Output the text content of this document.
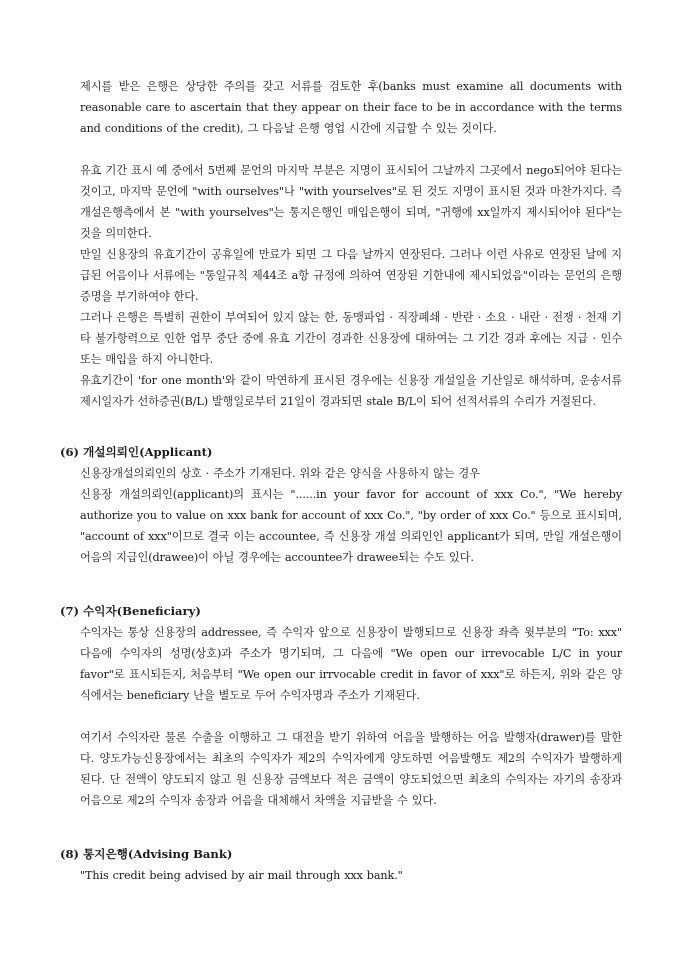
제시를 받은 은행은 상당한 주의를 갖고 서류를 검토한 후(banks must examine all documents with reasonable care to ascertain that they appear on their face to be in accordance with the terms and conditions of the credit), 그 다음날 은행 영업 시간에 지급할 수 있는 것이다.

유효 기간 표시 예 중에서 5번째 문언의 마지막 부분은 지명이 표시되어 그날까지 그곳에서 nego되어야 된다는 것이고, 마지막 문언에 "with ourselves"나 "with yourselves"로 된 것도 지명이 표시된 것과 마찬가지다. 즉 개설은행측에서 본 "with yourselves"는 통지은행인 매입은행이 되며, "귀행에 xx일까지 제시되어야 된다"는 것을 의미한다.

만일 신용장의 유효기간이 공휴일에 만료가 되면 그 다음 날까지 연장된다. 그러나 이런 사유로 연장된 날에 지급된 어음이나 서류에는 "통일규칙 제44조 a항 규정에 의하여 연장된 기한내에 제시되었음"이라는 문언의 은행증명을 부기하여야 한다.

그러나 은행은 특별히 권한이 부여되어 있지 않는 한, 동맹파업 · 직장폐쇄 · 반란 · 소요 · 내란 · 전쟁 · 천재 기타 불가항력으로 인한 업무 중단 중에 유효 기간이 경과한 신용장에 대하여는 그 기간 경과 후에는 지급 · 인수 또는 매입을 하지 아니한다.

유효기간이 'for one month'와 같이 막연하게 표시된 경우에는 신용장 개설일을 기산일로 해석하며, 운송서류 제시일자가 선하증권(B/L) 발행일로부터 21일이 경과되면 stale B/L이 되어 선적서류의 수리가 거절된다.

(6) 개설의뢰인(Applicant)

신용장개설의뢰인의 상호 · 주소가 기재된다. 위와 같은 양식을 사용하지 않는 경우

신용장 개설의뢰인(applicant)의 표시는 "......in your favor for account of xxx Co.", "We hereby authorize you to value on xxx bank for account of xxx Co.", "by order of xxx Co." 등으로 표시되며, "account of xxx"이므로 결국 이는 accountee, 즉 신용장 개설 의뢰인인 applicant가 되며, 만일 개설은행이 어음의 지급인(drawee)이 아닐 경우에는 accountee가 drawee되는 수도 있다.

(7) 수익자(Beneficiary)

수익자는 통상 신용장의 addressee, 즉 수익자 앞으로 신용장이 발행되므로 신용장 좌측 윗부분의 "To: xxx" 다음에 수익자의 성명(상호)과 주소가 명기되며, 그 다음에 "We open our irrevocable L/C in your favor"로 표시되든지, 처음부터 "We open our irrvocable credit in favor of xxx"로 하든지, 위와 같은 양식에서는 beneficiary 난을 별도로 두어 수익자명과 주소가 기재된다.

여기서 수익자란 물론 수출을 이행하고 그 대전을 받기 위하여 어음을 발행하는 어음 발행자(drawer)를 말한다. 양도가능신용장에서는 최초의 수익자가 제2의 수익자에게 양도하면 어음발행도 제2의 수익자가 발행하게 된다. 단 전액이 양도되지 않고 원 신용장 금액보다 적은 금액이 양도되었으면 최초의 수익자는 자기의 송장과 어음으로 제2의 수익자 송장과 어음을 대체해서 차액을 지급받을 수 있다.

(8) 통지은행(Advising Bank)

"This credit being advised by air mail through xxx bank."
